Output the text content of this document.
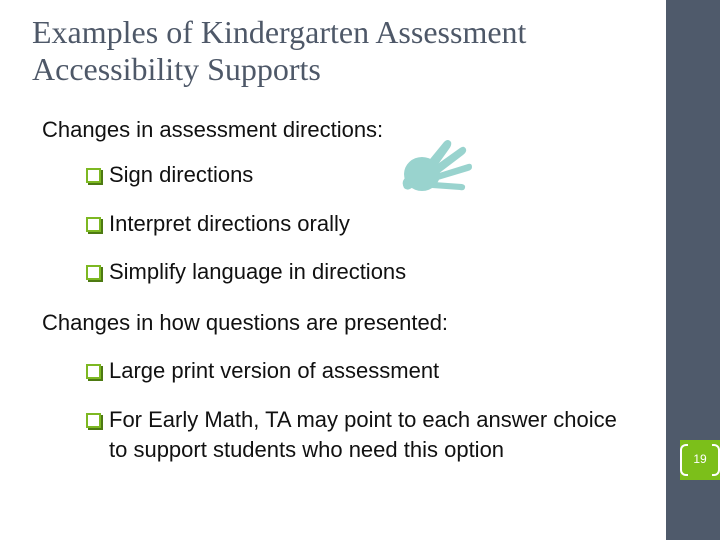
Examples of Kindergarten Assessment
Accessibility Supports

Changes in assessment directions:

Sign directions
Interpret directions orally
Simplify language in directions

Changes in how questions are presented:

Large print version of assessment
For Early Math, TA may point to each answer choice to support students who need this option	19
